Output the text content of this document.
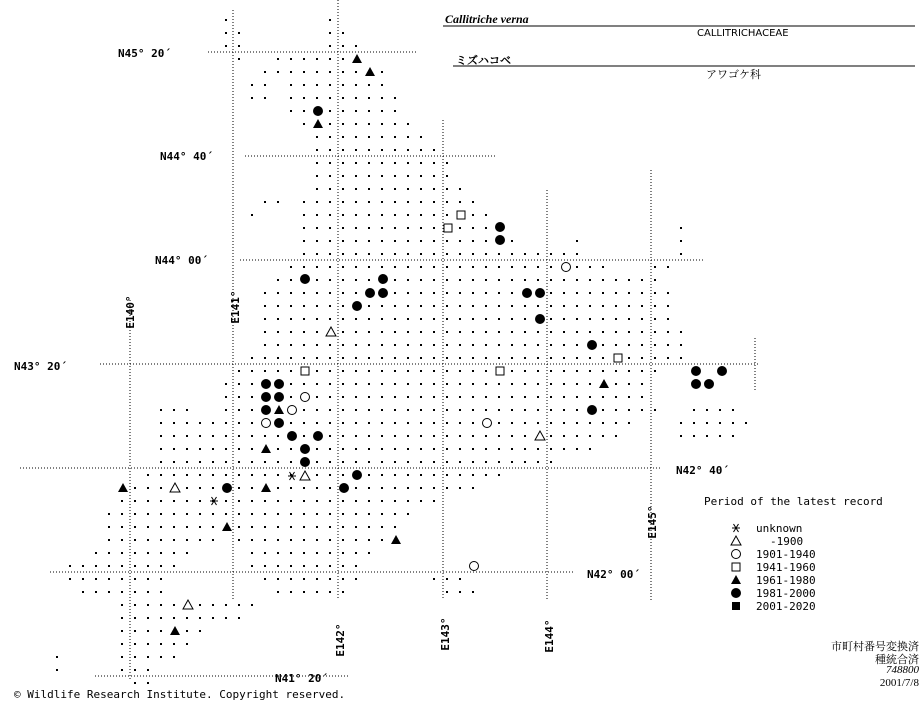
N45° 20´
N44° 40´
N44° 00´
N43° 20´
N42° 40´
N42° 00´
N41° 20´
E140°	E141°
E142°	E143°	E144°
E145°
Callitriche verna
CALLITRICHACEAE
ミズハコベ
アワゴケ科
Period of the latest record
unknown
-1900
1901-1940
1941-1960
1961-1980
1981-2000
2001-2020
市町村番号変換済
種統合済
748800
2001/7/8
© Wildlife Research Institute. Copyright reserved.
